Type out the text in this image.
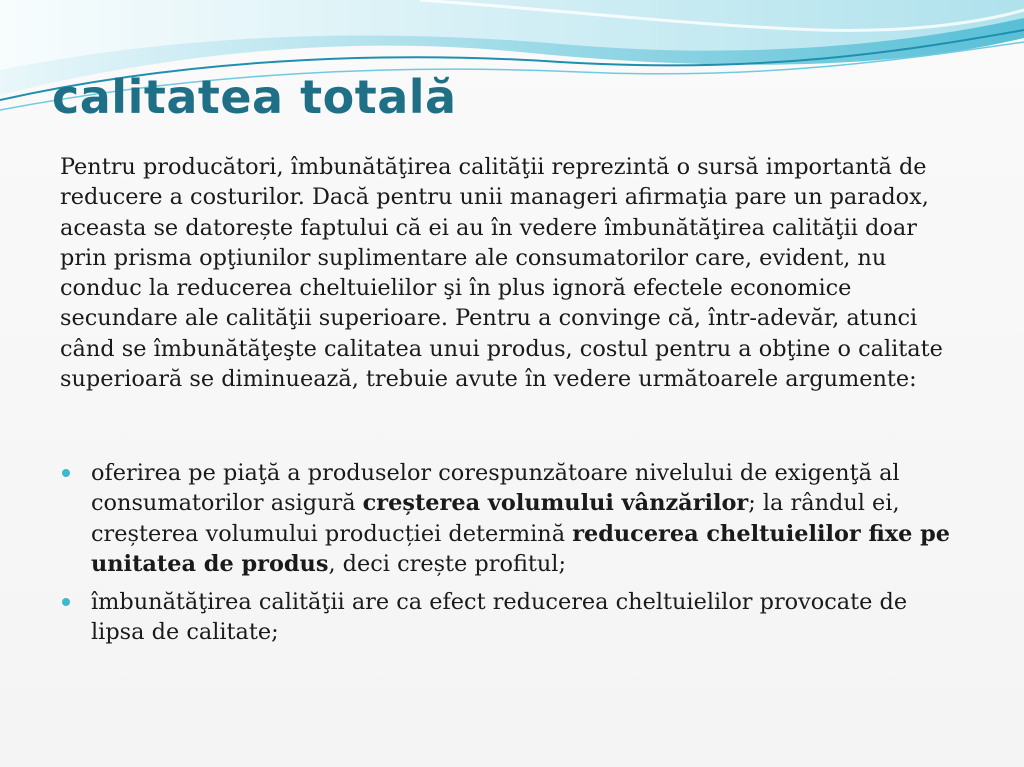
calitatea totală

Pentru producători, îmbunătăţirea calităţii reprezintă o sursă importantă de reducere a costurilor. Dacă pentru unii manageri afirmaţia pare un paradox, aceasta se datorește faptului că ei au în vedere îmbunătăţirea calităţii doar prin prisma opţiunilor suplimentare ale consumatorilor care, evident, nu conduc la reducerea cheltuielilor şi în plus ignoră efectele economice secundare ale calităţii superioare. Pentru a convinge că, într-adevăr, atunci când se îmbunătăţeşte calitatea unui produs, costul pentru a obţine o calitate superioară se diminuează, trebuie avute în vedere următoarele argumente:

oferirea pe piaţă a produselor corespunzătoare nivelului de exigenţă al consumatorilor asigură creșterea volumului vânzărilor; la rândul ei, creșterea volumului producției determină reducerea cheltuielilor fixe pe unitatea de produs, deci crește profitul;
îmbunătăţirea calităţii are ca efect reducerea cheltuielilor provocate de lipsa de calitate;
